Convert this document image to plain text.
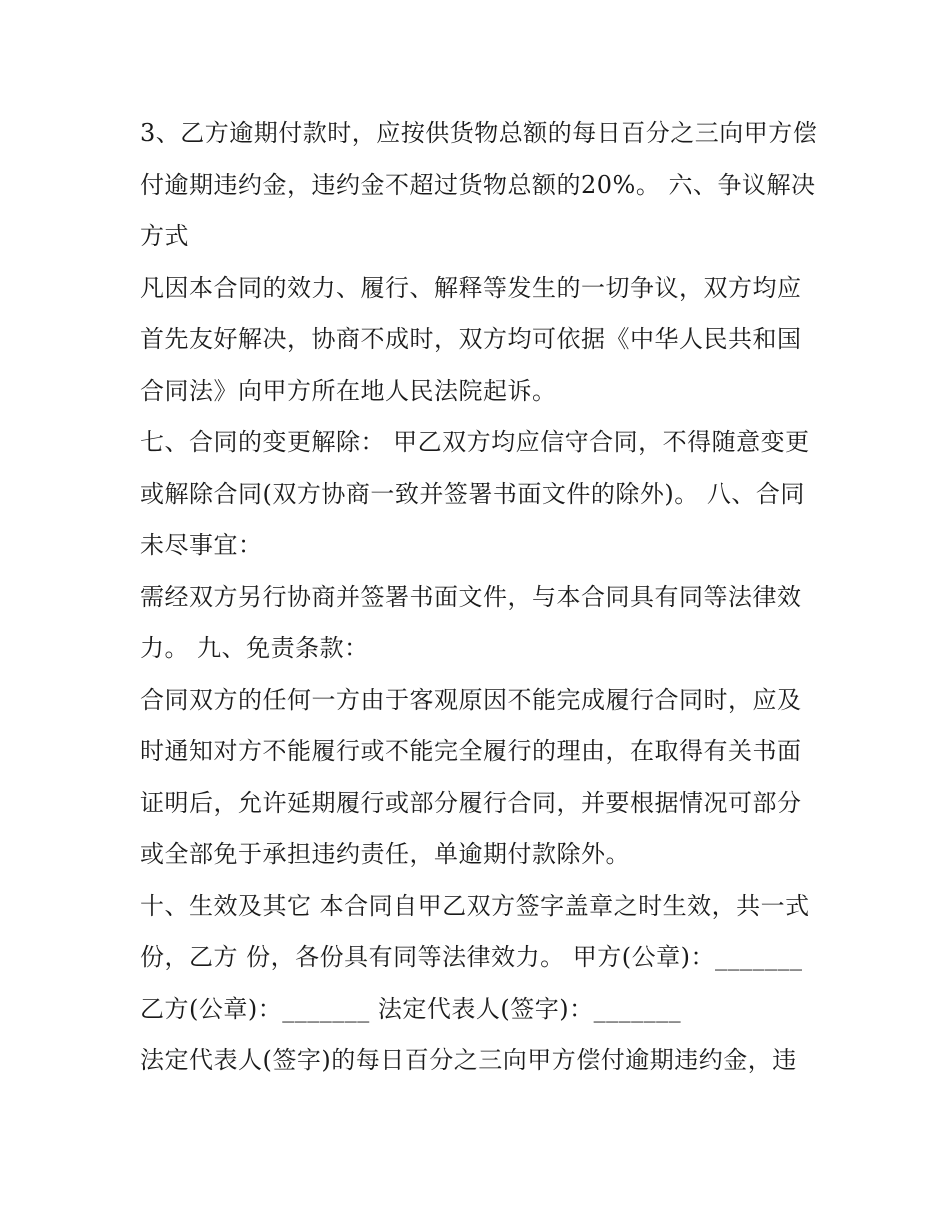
3、乙方逾期付款时，应按供货物总额的每日百分之三向甲方偿付逾期违约金，违约金不超过货物总额的20%。 六、争议解决方式

凡因本合同的效力、履行、解释等发生的一切争议，双方均应首先友好解决，协商不成时，双方均可依据《中华人民共和国合同法》向甲方所在地人民法院起诉。

七、合同的变更解除： 甲乙双方均应信守合同，不得随意变更或解除合同(双方协商一致并签署书面文件的除外)。 八、合同未尽事宜：

需经双方另行协商并签署书面文件，与本合同具有同等法律效力。 九、免责条款：

合同双方的任何一方由于客观原因不能完成履行合同时，应及时通知对方不能履行或不能完全履行的理由，在取得有关书面证明后，允许延期履行或部分履行合同，并要根据情况可部分或全部免于承担违约责任，单逾期付款除外。

十、生效及其它 本合同自甲乙双方签字盖章之时生效，共一式份，乙方 份，各份具有同等法律效力。 甲方(公章)：_______

乙方(公章)：_______ 法定代表人(签字)：_______

法定代表人(签字)的每日百分之三向甲方偿付逾期违约金，违
